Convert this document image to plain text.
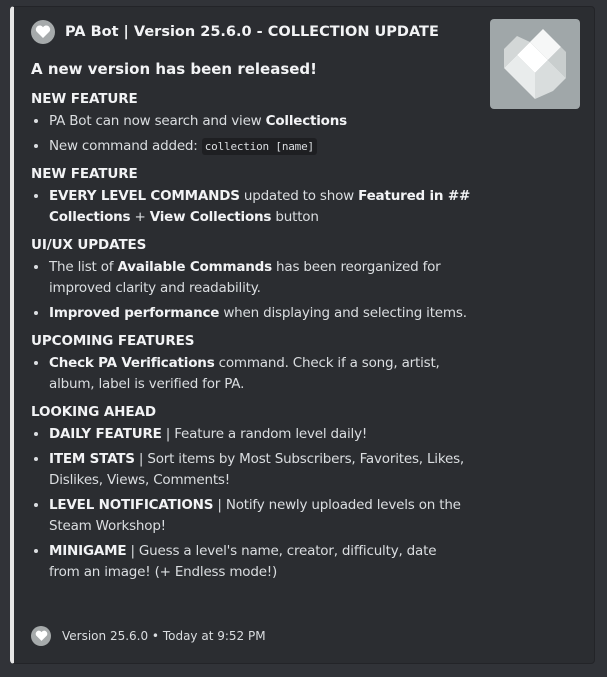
PA Bot | Version 25.6.0 - COLLECTION UPDATE
A new version has been released!
NEW FEATURE
• PA Bot can now search and view Collections
• New command added: collection [name]
NEW FEATURE
• EVERY LEVEL COMMANDS updated to show Featured in ## Collections + View Collections button
UI/UX UPDATES
• The list of Available Commands has been reorganized for improved clarity and readability.
• Improved performance when displaying and selecting items.
UPCOMING FEATURES
• Check PA Verifications command. Check if a song, artist, album, label is verified for PA.
LOOKING AHEAD
• DAILY FEATURE | Feature a random level daily!
• ITEM STATS | Sort items by Most Subscribers, Favorites, Likes, Dislikes, Views, Comments!
• LEVEL NOTIFICATIONS | Notify newly uploaded levels on the Steam Workshop!
• MINIGAME | Guess a level's name, creator, difficulty, date from an image! (+ Endless mode!)
Version 25.6.0 • Today at 9:52 PM
